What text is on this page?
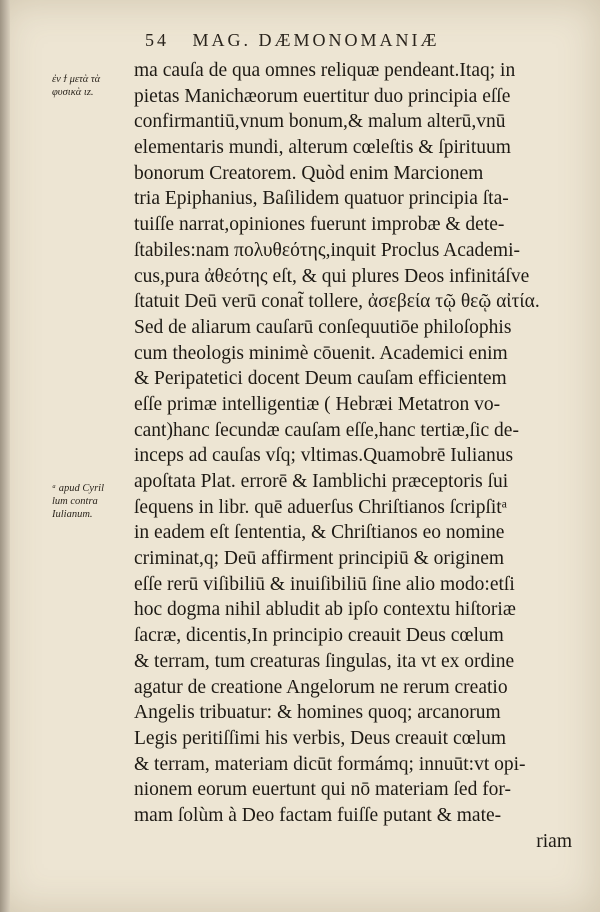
54 MAG. DÆMONOMANIÆ
ἐν ϯ μετὰ τὰ
φυσικὰ ιz.
ᵃ apud Cyril
lum contra
Iulianum.
ma cauſa de qua omnes reliquæ pendeant.Itaq; in
pietas Manichæorum euertitur duo principia eſſe
confirmantiū,vnum bonum,& malum alterū,vnū
elementaris mundi, alterum cœleſtis & ſpirituum
bonorum Creatorem. Quòd enim Marcionem
tria Epiphanius, Baſilidem quatuor principia ſta-
tuiſſe narrat,opiniones fuerunt improbæ & dete-
ſtabiles:nam πολυθεότης,inquit Proclus Academi-
cus,pura ἀθεότης eſt, & qui plures Deos infinitáſve
ſtatuit Deū verū conat̃ tollere, ἀσεβεία τῷ θεῷ αἰτία.
Sed de aliarum cauſarū conſequutiōe philoſophis
cum theologis minimè cōuenit. Academici enim
& Peripatetici docent Deum cauſam efficientem
eſſe primæ intelligentiæ ( Hebræi Metatron vo-
cant)hanc ſecundæ cauſam eſſe,hanc tertiæ,ſic de-
inceps ad cauſas vſq; vltimas.Quamobrē Iulianus
apoſtata Plat. errorē & Iamblichi præceptoris ſui
ſequens in libr. quē aduerſus Chriſtianos ſcripſitᵃ
in eadem eſt ſententia, & Chriſtianos eo nomine
criminat,q; Deū affirment principiū & originem
eſſe rerū viſibiliū & inuiſibiliū ſine alio modo:etſi
hoc dogma nihil abludit ab ipſo contextu hiſtoriæ
ſacræ, dicentis,In principio creauit Deus cœlum
& terram, tum creaturas ſingulas, ita vt ex ordine
agatur de creatione Angelorum ne rerum creatio
Angelis tribuatur: & homines quoq; arcanorum
Legis peritiſſimi his verbis, Deus creauit cœlum
& terram, materiam dicūt formámq; innuūt:vt opi-
nionem eorum euertunt qui nō materiam ſed for-
mam ſolùm à Deo factam fuiſſe putant & mate-
riam
